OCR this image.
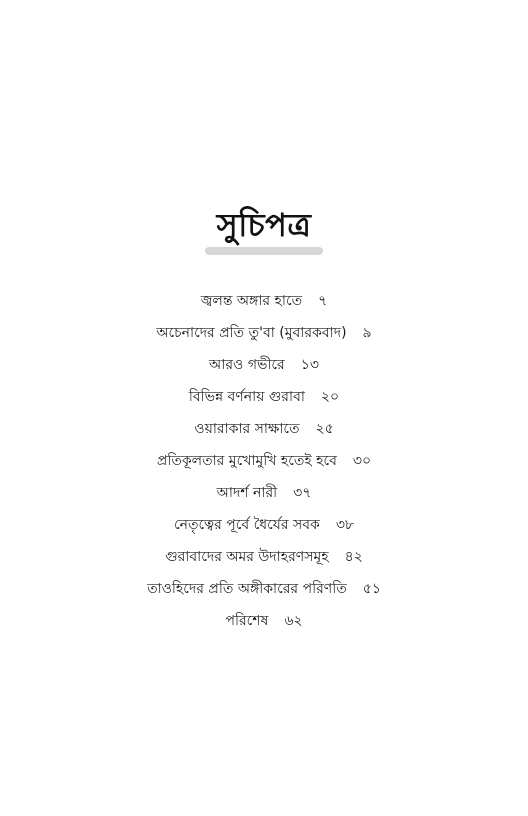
সুচিপত্র
জ্বলন্ত অঙ্গার হাতে ৭
অচেনাদের প্রতি তু'বা (মুবারকবাদ) ৯
আরও গভীরে ১৩
বিভিন্ন বর্ণনায় গুরাবা ২০
ওয়ারাকার সাক্ষাতে ২৫
প্রতিকূলতার মুখোমুখি হতেই হবে ৩০
আদর্শ নারী ৩৭
নেতৃত্বের পূর্বে ধৈর্যের সবক ৩৮
গুরাবাদের অমর উদাহরণসমূহ ৪২
তাওহিদের প্রতি অঙ্গীকারের পরিণতি ৫১
পরিশেষ ৬২
